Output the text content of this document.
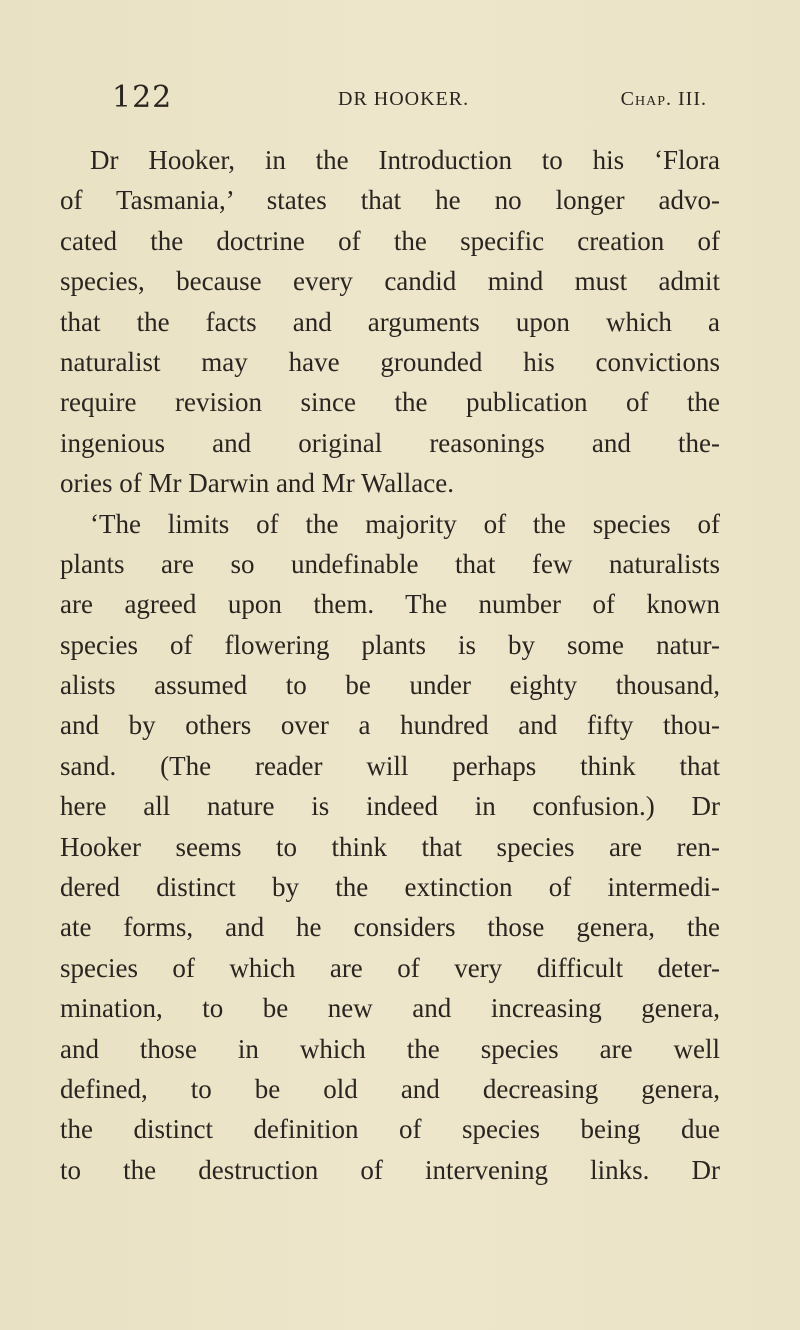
122	DR HOOKER.	Chap. III.
Dr Hooker, in the Introduction to his ‘Flora
of Tasmania,’ states that he no longer advo-
cated the doctrine of the specific creation of
species, because every candid mind must admit
that the facts and arguments upon which a
naturalist may have grounded his convictions
require revision since the publication of the
ingenious and original reasonings and the-
ories of Mr Darwin and Mr Wallace.
‘The limits of the majority of the species of
plants are so undefinable that few naturalists
are agreed upon them. The number of known
species of flowering plants is by some natur-
alists assumed to be under eighty thousand,
and by others over a hundred and fifty thou-
sand. (The reader will perhaps think that
here all nature is indeed in confusion.) Dr
Hooker seems to think that species are ren-
dered distinct by the extinction of intermedi-
ate forms, and he considers those genera, the
species of which are of very difficult deter-
mination, to be new and increasing genera,
and those in which the species are well
defined, to be old and decreasing genera,
the distinct definition of species being due
to the destruction of intervening links. Dr
